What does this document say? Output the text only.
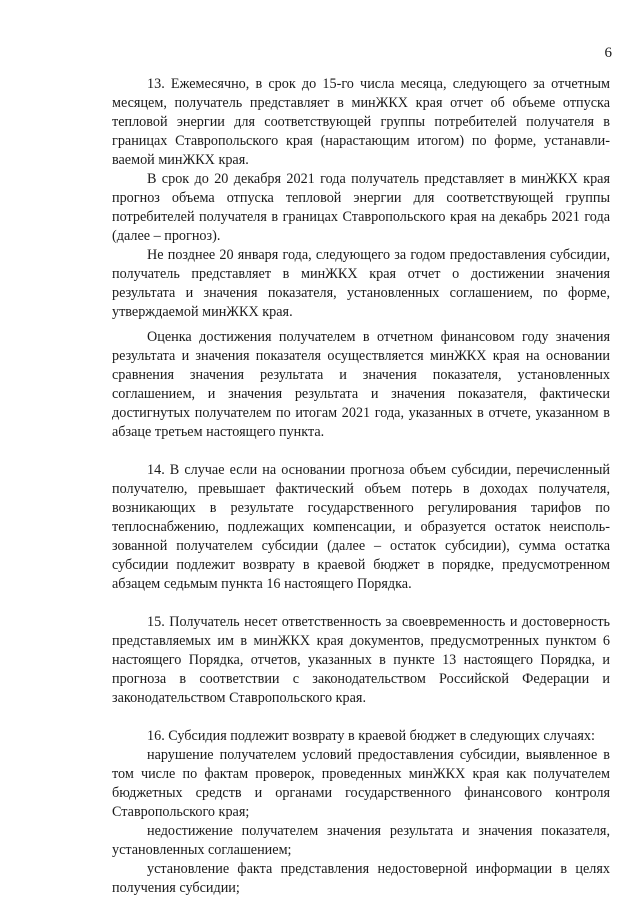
6

13. Ежемесячно, в срок до 15-го числа месяца, следующего за отчетным месяцем, получатель представляет в минЖКХ края отчет об объеме отпуска тепловой энергии для соответствующей группы потребителей получателя в границах Ставропольского края (нарастающим итогом) по форме, устанавливаемой минЖКХ края.

В срок до 20 декабря 2021 года получатель представляет в минЖКХ края прогноз объема отпуска тепловой энергии для соответствующей группы потребителей получателя в границах Ставропольского края на декабрь 2021 года (далее – прогноз).

Не позднее 20 января года, следующего за годом предоставления субсидии, получатель представляет в минЖКХ края отчет о достижении значения результата и значения показателя, установленных соглашением, по форме, утверждаемой минЖКХ края.

Оценка достижения получателем в отчетном финансовом году значения результата и значения показателя осуществляется минЖКХ края на основании сравнения значения результата и значения показателя, установленных соглашением, и значения результата и значения показателя, фактически достигнутых получателем по итогам 2021 года, указанных в отчете, указанном в абзаце третьем настоящего пункта.

14. В случае если на основании прогноза объем субсидии, перечисленный получателю, превышает фактический объем потерь в доходах получателя, возникающих в результате государственного регулирования тарифов по теплоснабжению, подлежащих компенсации, и образуется остаток неиспользованной получателем субсидии (далее – остаток субсидии), сумма остатка субсидии подлежит возврату в краевой бюджет в порядке, предусмотренном абзацем седьмым пункта 16 настоящего Порядка.

15. Получатель несет ответственность за своевременность и достоверность представляемых им в минЖКХ края документов, предусмотренных пунктом 6 настоящего Порядка, отчетов, указанных в пункте 13 настоящего Порядка, и прогноза в соответствии с законодательством Российской Федерации и законодательством Ставропольского края.

16. Субсидия подлежит возврату в краевой бюджет в следующих случаях:

нарушение получателем условий предоставления субсидии, выявленное в том числе по фактам проверок, проведенных минЖКХ края как получателем бюджетных средств и органами государственного финансового контроля Ставропольского края;

недостижение получателем значения результата и значения показателя, установленных соглашением;

установление факта представления недостоверной информации в целях получения субсидии;
